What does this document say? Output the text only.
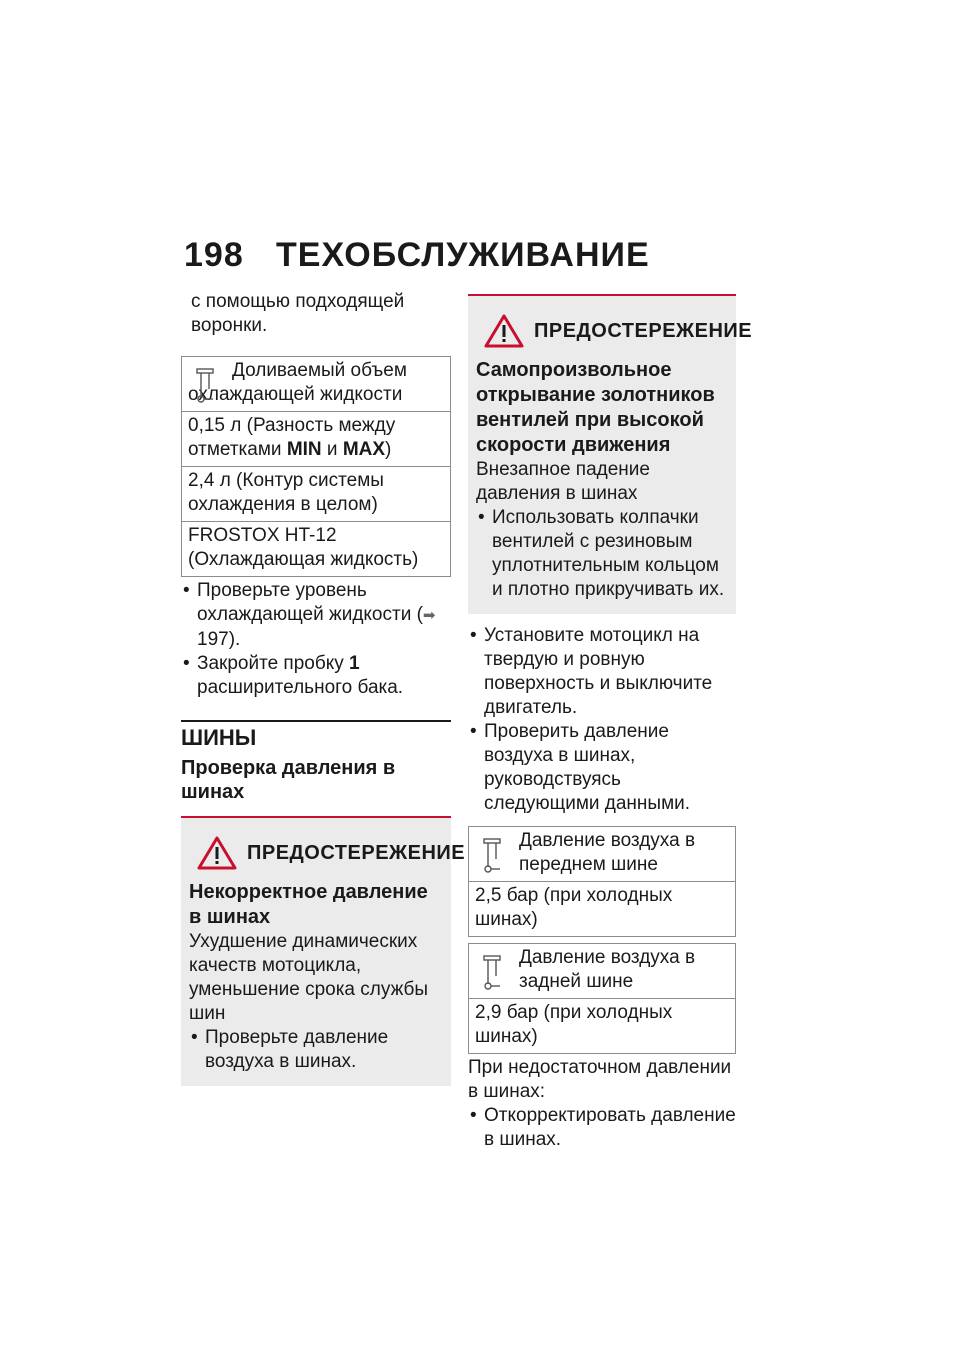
198 ТЕХОБСЛУЖИВАНИЕ

с помощью подходящей воронки.

Доливаемый объем охлаждающей жидкости
0,15 л (Разность между отметками MIN и MAX)
2,4 л (Контур системы охлаждения в целом)
FROSTOX HT-12 (Охлаждающая жидкость)
• Проверьте уровень охлаждающей жидкости (➡ 197).
• Закройте пробку 1 расширительного бака.
ШИНЫ
Проверка давления в шинах
ПРЕДОСТЕРЕЖЕНИЕ
Некорректное давление в шинах

Ухудшение динамических качеств мотоцикла, уменьшение срока службы шин

• Проверьте давление воздуха в шинах.
ПРЕДОСТЕРЕЖЕНИЕ
Самопроизвольное открывание золотников вентилей при высокой скорости движения

Внезапное падение давления в шинах

• Использовать колпачки вентилей с резиновым уплотнительным кольцом и плотно прикручивать их.
• Установите мотоцикл на твердую и ровную поверхность и выключите двигатель.
• Проверить давление воздуха в шинах, руководствуясь следующими данными.
Давление воздуха в переднем шине
2,5 бар (при холодных шинах)
Давление воздуха в задней шине
2,9 бар (при холодных шинах)

При недостаточном давлении в шинах:

• Откорректировать давление в шинах.
